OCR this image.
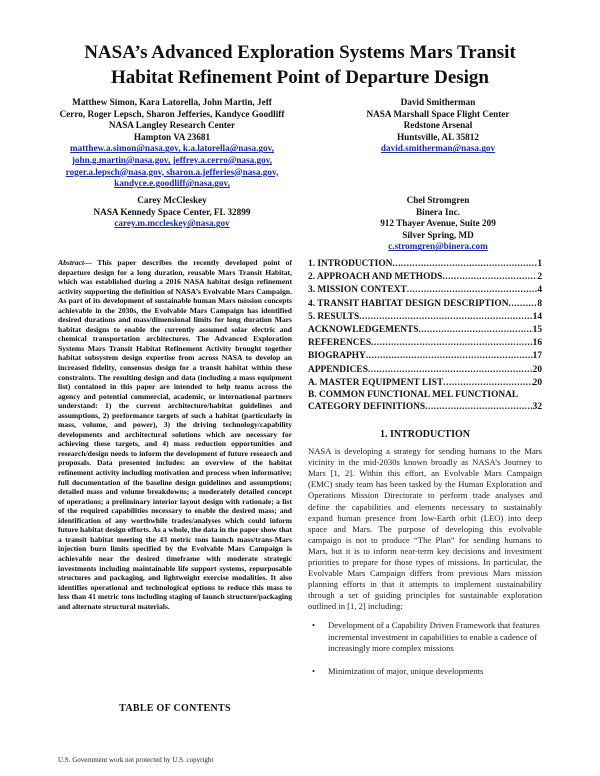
NASA’s Advanced Exploration Systems Mars Transit
Habitat Refinement Point of Departure Design
Matthew Simon, Kara Latorella, John Martin, Jeff
Cerro, Roger Lepsch, Sharon Jefferies, Kandyce Goodliff
NASA Langley Research Center
Hampton VA 23681
matthew.a.simon@nasa.gov, k.a.latorella@nasa.gov,
john.g.martin@nasa.gov, jeffrey.a.cerro@nasa.gov,
roger.a.lepsch@nasa.gov, sharon.a.jefferies@nasa.gov,
kandyce.e.goodliff@nasa.gov,
David Smitherman
NASA Marshall Space Flight Center
Redstone Arsenal
Huntsville, AL 35812
david.smitherman@nasa.gov
Carey McCleskey
NASA Kennedy Space Center, FL 32899
carey.m.mccleskey@nasa.gov
Chel Stromgren
Binera Inc.
912 Thayer Avenue, Suite 209
Silver Spring, MD
c.stromgren@binera.com

Abstract— This paper describes the recently developed point of departure design for a long duration, reusable Mars Transit Habitat, which was established during a 2016 NASA habitat design refinement activity supporting the definition of NASA’s Evolvable Mars Campaign. As part of its development of sustainable human Mars mission concepts achievable in the 2030s, the Evolvable Mars Campaign has identified desired durations and mass/dimensional limits for long duration Mars habitat designs to enable the currently assumed solar electric and chemical transportation architectures. The Advanced Exploration Systems Mars Transit Habitat Refinement Activity brought together habitat subsystem design expertise from across NASA to develop an increased fidelity, consensus design for a transit habitat within these constraints. The resulting design and data (including a mass equipment list) contained in this paper are intended to help teams across the agency and potential commercial, academic, or international partners understand: 1) the current architecture/habitat guidelines and assumptions, 2) performance targets of such a habitat (particularly in mass, volume, and power), 3) the driving technology/capability developments and architectural solutions which are necessary for achieving these targets, and 4) mass reduction opportunities and research/design needs to inform the development of future research and proposals. Data presented includes: an overview of the habitat refinement activity including motivation and process when informative; full documentation of the baseline design guidelines and assumptions; detailed mass and volume breakdowns; a moderately detailed concept of operations; a preliminary interior layout design with rationale; a list of the required capabilities necessary to enable the desired mass; and identification of any worthwhile trades/analyses which could inform future habitat design efforts. As a whole, the data in the paper show that a transit habitat meeting the 43 metric tons launch mass/trans-Mars injection burn limits specified by the Evolvable Mars Campaign is achievable near the desired timeframe with moderate strategic investments including maintainable life support systems, repurposable structures and packaging, and lightweight exercise modalities. It also identifies operational and technological options to reduce this mass to less than 41 metric tons including staging of launch structure/packaging and alternate structural materials.

TABLE OF CONTENTS
U.S. Government work not protected by U.S. copyright
1. INTRODUCTION .....	1
2. APPROACH AND METHODS .....	2
3. MISSION CONTEXT .....	4
4. TRANSIT HABITAT DESIGN DESCRIPTION .....	8
5. RESULTS .....	14
ACKNOWLEDGEMENTS .....	15
REFERENCES .....	16
BIOGRAPHY .....	17
APPENDICES .....	20
A. MASTER EQUIPMENT LIST .....	20
B. COMMON FUNCTIONAL MEL FUNCTIONAL
CATEGORY DEFINITIONS .....	32
1. INTRODUCTION

NASA is developing a strategy for sending humans to the Mars vicinity in the mid-2030s known broadly as NASA’s Journey to Mars [1, 2]. Within this effort, an Evolvable Mars Campaign (EMC) study team has been tasked by the Human Exploration and Operations Mission Directorate to perform trade analyses and define the capabilities and elements necessary to sustainably expand human presence from low-Earth orbit (LEO) into deep space and Mars. The purpose of developing this evolvable campaign is not to produce “The Plan” for sending humans to Mars, but it is to inform near-term key decisions and investment priorities to prepare for those types of missions. In particular, the Evolvable Mars Campaign differs from previous Mars mission planning efforts in that it attempts to implement sustainability through a set of guiding principles for sustainable exploration outlined in [1, 2] including:

• Development of a Capability Driven Framework that features incremental investment in capabilities to enable a cadence of increasingly more complex missions
• Minimization of major, unique developments
